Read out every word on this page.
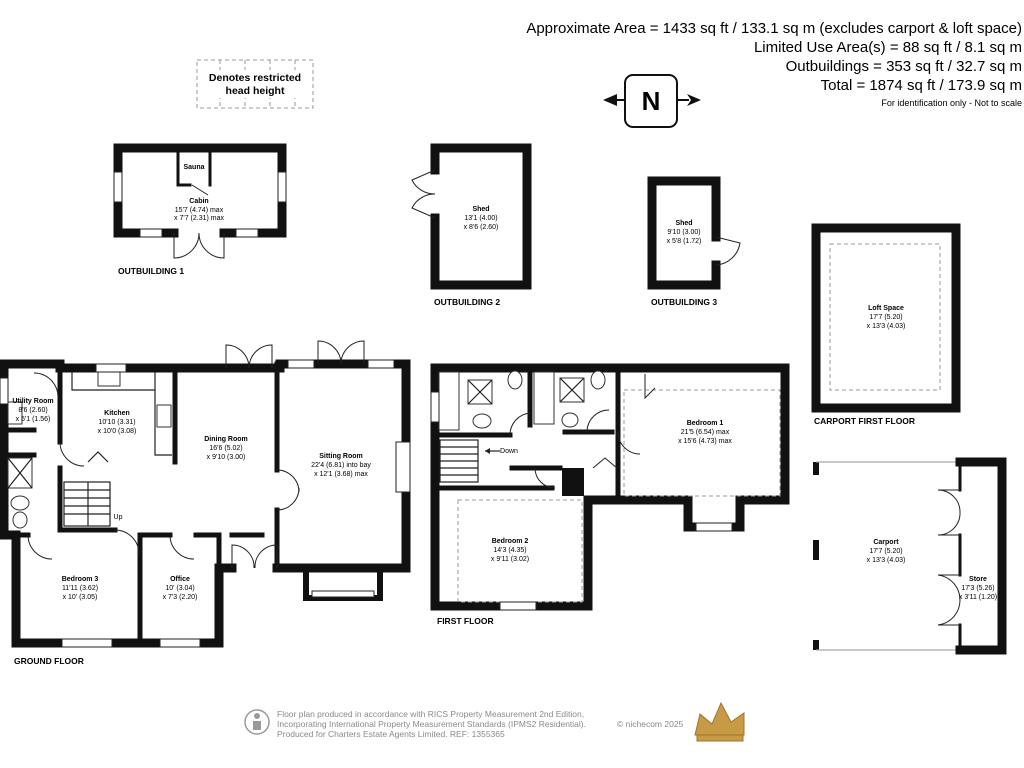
Approximate Area = 1433 sq ft / 133.1 sq m (excludes carport & loft space)
Limited Use Area(s) = 88 sq ft / 8.1 sq m
Outbuildings = 353 sq ft / 32.7 sq m
Total = 1874 sq ft / 173.9 sq m
For identification only - Not to scale
Denotes restricted
head height	N
Sauna
Cabin
15'7 (4.74) max
x 7'7 (2.31) max
OUTBUILDING 1
Shed
13'1 (4.00)
x 8'6 (2.60)
OUTBUILDING 2
Shed
9'10 (3.00)
x 5'8 (1.72)
OUTBUILDING 3
Loft Space
17'7 (5.20)
x 13'3 (4.03)
CARPORT FIRST FLOOR
Carport
17'7 (5.20)
x 13'3 (4.03)
Store
17'3 (5.26)
x 3'11 (1.20)
Up
Utility Room
8'6 (2.60)
x 5'1 (1.56)
Kitchen
10'10 (3.31)
x 10'0 (3.08)
Dining Room
16'6 (5.02)
x 9'10 (3.00)	Sitting Room
22'4 (6.81) into bay
x 12'1 (3.68) max
Bedroom 3
11'11 (3.62)
x 10' (3.05)
Office
10' (3.04)
x 7'3 (2.20)
GROUND FLOOR
Down
Bedroom 1
21'5 (6.54) max
x 15'6 (4.73) max
Bedroom 2
14'3 (4.35)
x 9'11 (3.02)
FIRST FLOOR
Floor plan produced in accordance with RICS Property Measurement 2nd Edition,
Incorporating International Property Measurement Standards (IPMS2 Residential).
Produced for Charters Estate Agents Limited. REF: 1355365
© nichecom 2025
